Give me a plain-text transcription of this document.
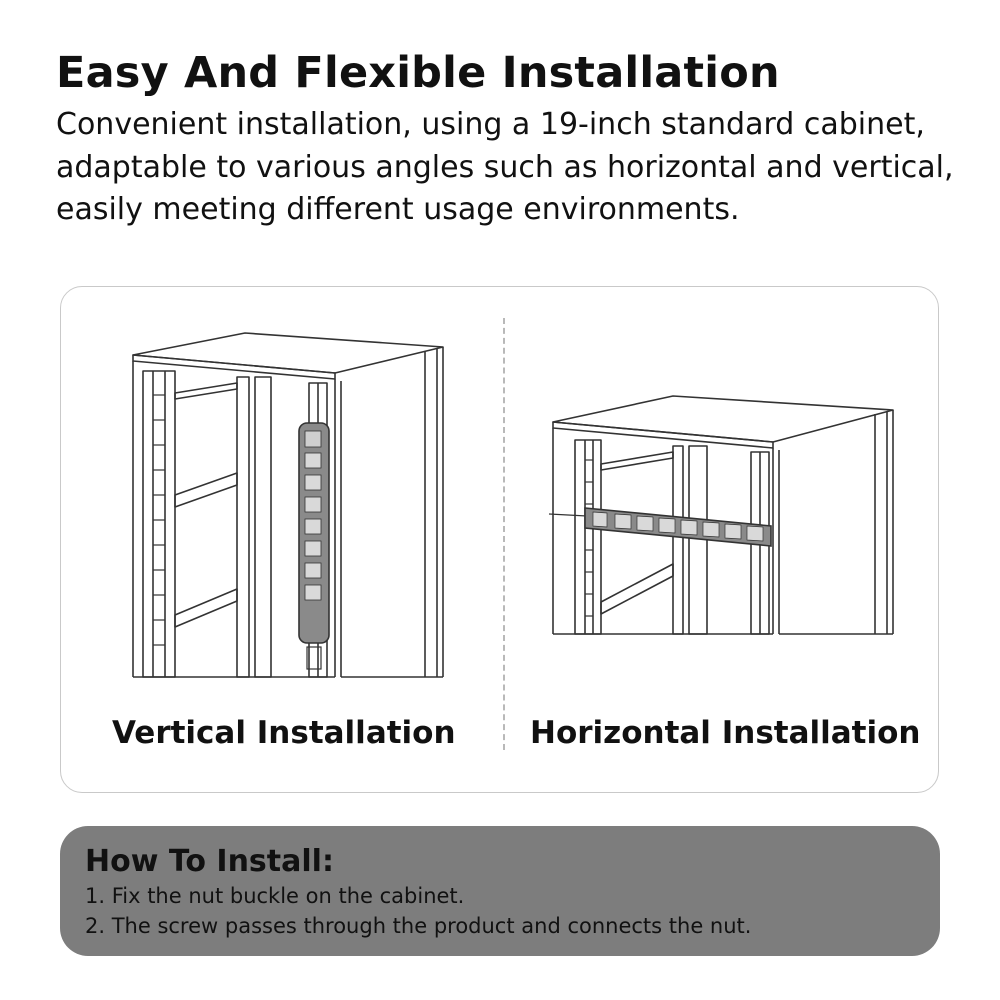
Easy And Flexible Installation

Convenient installation, using a 19-inch standard cabinet, adaptable to various angles such as horizontal and vertical, easily meeting different usage environments.

Vertical Installation Horizontal Installation

How To Install:

1. Fix the nut buckle on the cabinet.

2. The screw passes through the product and connects the nut.
